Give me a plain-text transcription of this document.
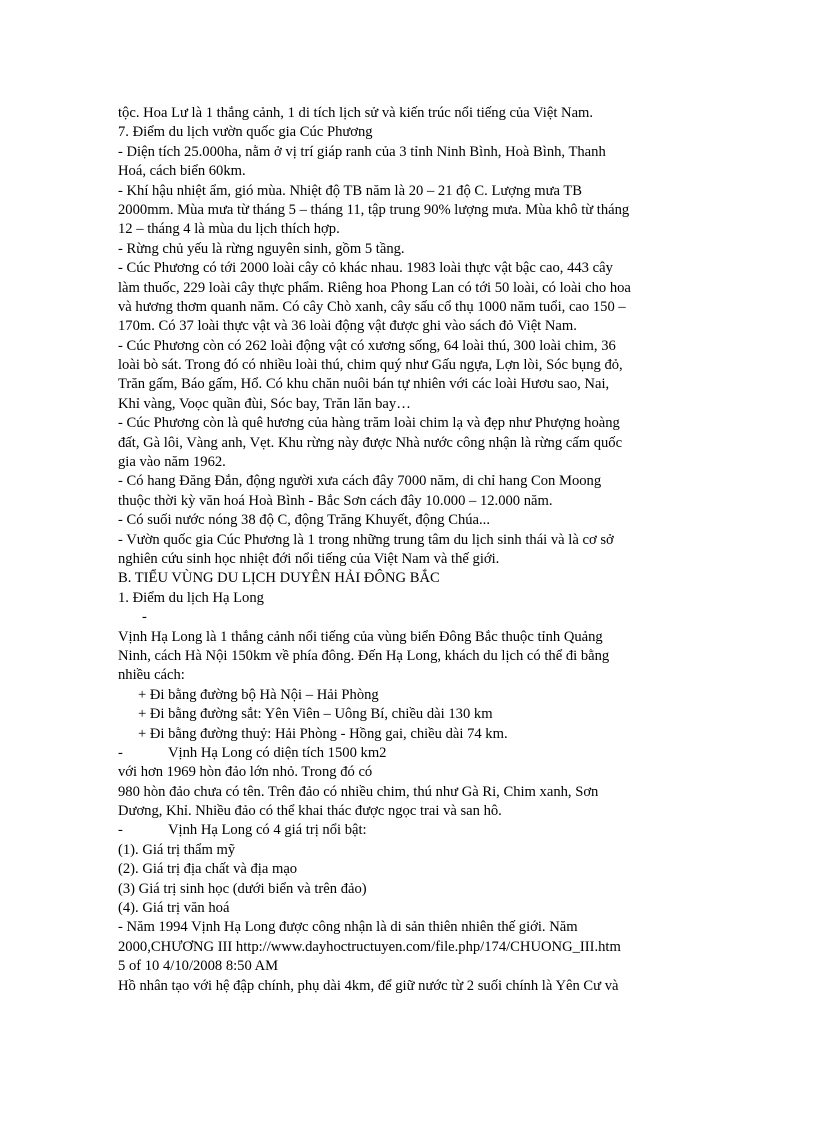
tộc. Hoa Lư là 1 thắng cảnh, 1 di tích lịch sử và kiến trúc nổi tiếng của Việt Nam.
7. Điểm du lịch vườn quốc gia Cúc Phương
- Diện tích 25.000ha, nằm ở vị trí giáp ranh của 3 tỉnh Ninh Bình, Hoà Bình, Thanh
Hoá, cách biển 60km.
- Khí hậu nhiệt ẩm, gió mùa. Nhiệt độ TB năm là 20 – 21 độ C. Lượng mưa TB
2000mm. Mùa mưa từ tháng 5 – tháng 11, tập trung 90% lượng mưa. Mùa khô từ tháng
12 – tháng 4 là mùa du lịch thích hợp.
- Rừng chủ yếu là rừng nguyên sinh, gồm 5 tầng.
- Cúc Phương có tới 2000 loài cây cỏ khác nhau. 1983 loài thực vật bậc cao, 443 cây
làm thuốc, 229 loài cây thực phẩm. Riêng hoa Phong Lan có tới 50 loài, có loài cho hoa
và hương thơm quanh năm. Có cây Chò xanh, cây sấu cổ thụ 1000 năm tuổi, cao 150 –
170m. Có 37 loài thực vật và 36 loài động vật được ghi vào sách đỏ Việt Nam.
- Cúc Phương còn có 262 loài động vật có xương sống, 64 loài thú, 300 loài chim, 36
loài bò sát. Trong đó có nhiều loài thú, chim quý như Gấu ngựa, Lợn lòi, Sóc bụng đỏ,
Trăn gấm, Báo gấm, Hổ. Có khu chăn nuôi bán tự nhiên với các loài Hươu sao, Nai,
Khỉ vàng, Voọc quần đùi, Sóc bay, Trăn lăn bay…
- Cúc Phương còn là quê hương của hàng trăm loài chim lạ và đẹp như Phượng hoàng
đất, Gà lôi, Vàng anh, Vẹt. Khu rừng này được Nhà nước công nhận là rừng cấm quốc
gia vào năm 1962.
- Có hang Đăng Đắn, động người xưa cách đây 7000 năm, di chỉ hang Con Moong
thuộc thời kỳ văn hoá Hoà Bình - Bắc Sơn cách đây 10.000 – 12.000 năm.
- Có suối nước nóng 38 độ C, động Trăng Khuyết, động Chúa...
- Vườn quốc gia Cúc Phương là 1 trong những trung tâm du lịch sinh thái và là cơ sở
nghiên cứu sinh học nhiệt đới nổi tiếng của Việt Nam và thế giới.
B. TIỂU VÙNG DU LỊCH DUYÊN HẢI ĐÔNG BẮC
1. Điểm du lịch Hạ Long
-
Vịnh Hạ Long là 1 thắng cảnh nổi tiếng của vùng biển Đông Bắc thuộc tỉnh Quảng
Ninh, cách Hà Nội 150km về phía đông. Đến Hạ Long, khách du lịch có thể đi bằng
nhiều cách:
+ Đi bằng đường bộ Hà Nội – Hải Phòng
+ Đi bằng đường sắt: Yên Viên – Uông Bí, chiều dài 130 km
+ Đi bằng đường thuỷ: Hải Phòng - Hồng gai, chiều dài 74 km.
-	Vịnh Hạ Long có diện tích 1500 km2
với hơn 1969 hòn đảo lớn nhỏ. Trong đó có
980 hòn đảo chưa có tên. Trên đảo có nhiều chim, thú như Gà Ri, Chim xanh, Sơn
Dương, Khỉ. Nhiều đảo có thể khai thác được ngọc trai và san hô.
-	Vịnh Hạ Long có 4 giá trị nổi bật:
(1). Giá trị thẩm mỹ
(2). Giá trị địa chất và địa mạo
(3) Giá trị sinh học (dưới biển và trên đảo)
(4). Giá trị văn hoá
- Năm 1994 Vịnh Hạ Long được công nhận là di sản thiên nhiên thế giới. Năm
2000,CHƯƠNG III http://www.dayhoctructuyen.com/file.php/174/CHUONG_III.htm
5 of 10 4/10/2008 8:50 AM
Hồ nhân tạo với hệ đập chính, phụ dài 4km, để giữ nước từ 2 suối chính là Yên Cư và
